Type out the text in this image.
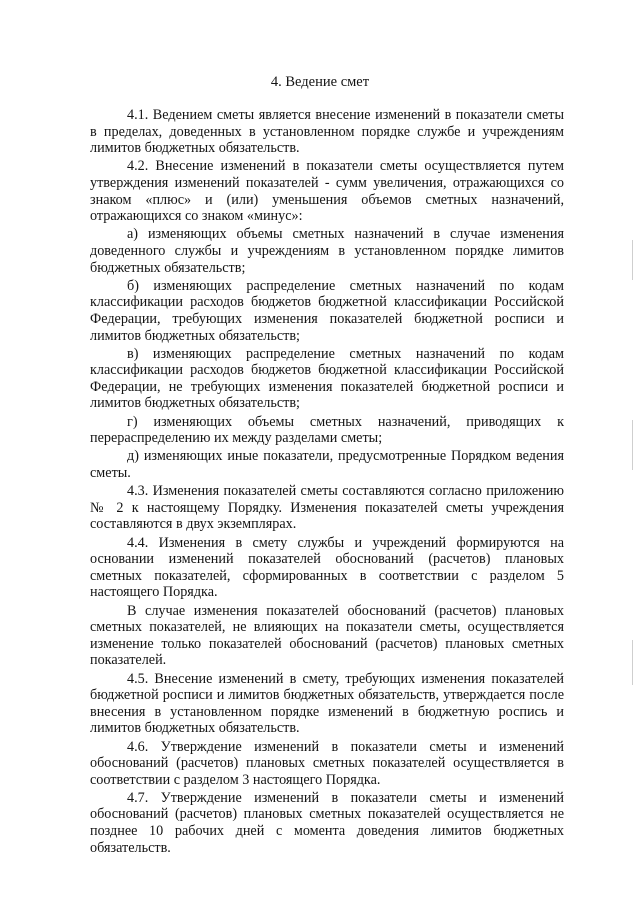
4. Ведение смет

4.1. Ведением сметы является внесение изменений в показатели сметы в пределах, доведенных в установленном порядке службе и учреждениям лимитов бюджетных обязательств.

4.2. Внесение изменений в показатели сметы осуществляется путем утверждения изменений показателей - сумм увеличения, отражающихся со знаком «плюс» и (или) уменьшения объемов сметных назначений, отражающихся со знаком «минус»:

а) изменяющих объемы сметных назначений в случае изменения доведенного службы и учреждениям в установленном порядке лимитов бюджетных обязательств;

б) изменяющих распределение сметных назначений по кодам классификации расходов бюджетов бюджетной классификации Российской Федерации, требующих изменения показателей бюджетной росписи и лимитов бюджетных обязательств;

в) изменяющих распределение сметных назначений по кодам классификации расходов бюджетов бюджетной классификации Российской Федерации, не требующих изменения показателей бюджетной росписи и лимитов бюджетных обязательств;

г) изменяющих объемы сметных назначений, приводящих к перераспределению их между разделами сметы;

д) изменяющих иные показатели, предусмотренные Порядком ведения сметы.

4.3. Изменения показателей сметы составляются согласно приложению № 2 к настоящему Порядку. Изменения показателей сметы учреждения составляются в двух экземплярах.

4.4. Изменения в смету службы и учреждений формируются на основании изменений показателей обоснований (расчетов) плановых сметных показателей, сформированных в соответствии с разделом 5 настоящего Порядка.

В случае изменения показателей обоснований (расчетов) плановых сметных показателей, не влияющих на показатели сметы, осуществляется изменение только показателей обоснований (расчетов) плановых сметных показателей.

4.5. Внесение изменений в смету, требующих изменения показателей бюджетной росписи и лимитов бюджетных обязательств, утверждается после внесения в установленном порядке изменений в бюджетную роспись и лимитов бюджетных обязательств.

4.6. Утверждение изменений в показатели сметы и изменений обоснований (расчетов) плановых сметных показателей осуществляется в соответствии с разделом 3 настоящего Порядка.

4.7. Утверждение изменений в показатели сметы и изменений обоснований (расчетов) плановых сметных показателей осуществляется не позднее 10 рабочих дней с момента доведения лимитов бюджетных обязательств.
